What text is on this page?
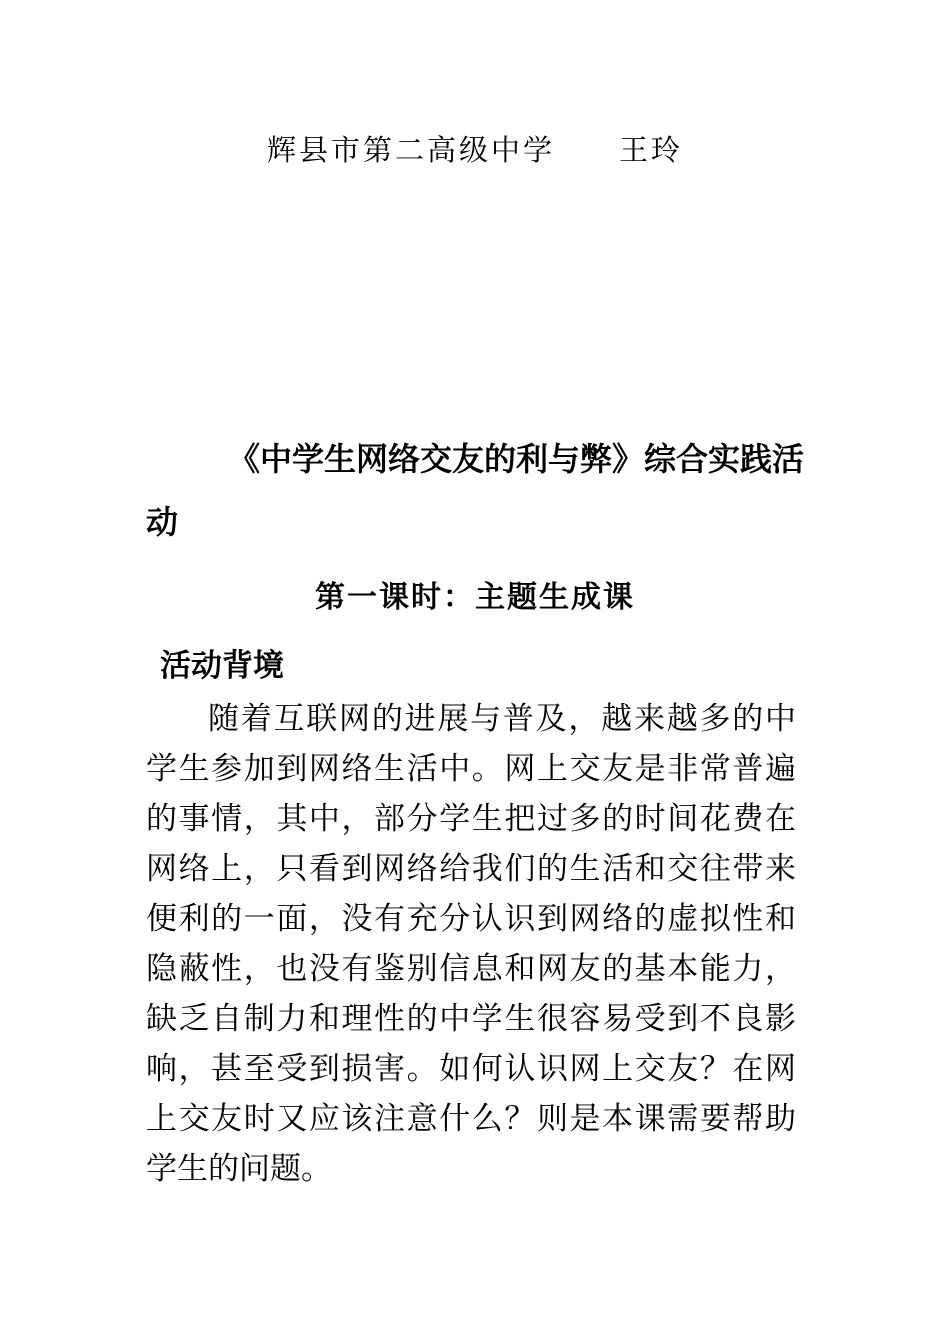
辉县市第二高级中学 王玲
《中学生网络交友的利与弊》综合实践活动
第一课时：主题生成课
活动背境

随着互联网的进展与普及，越来越多的中学生参加到网络生活中。网上交友是非常普遍的事情，其中，部分学生把过多的时间花费在网络上，只看到网络给我们的生活和交往带来便利的一面，没有充分认识到网络的虚拟性和隐蔽性，也没有鉴别信息和网友的基本能力，缺乏自制力和理性的中学生很容易受到不良影响，甚至受到损害。如何认识网上交友？在网上交友时又应该注意什么？则是本课需要帮助学生的问题。
